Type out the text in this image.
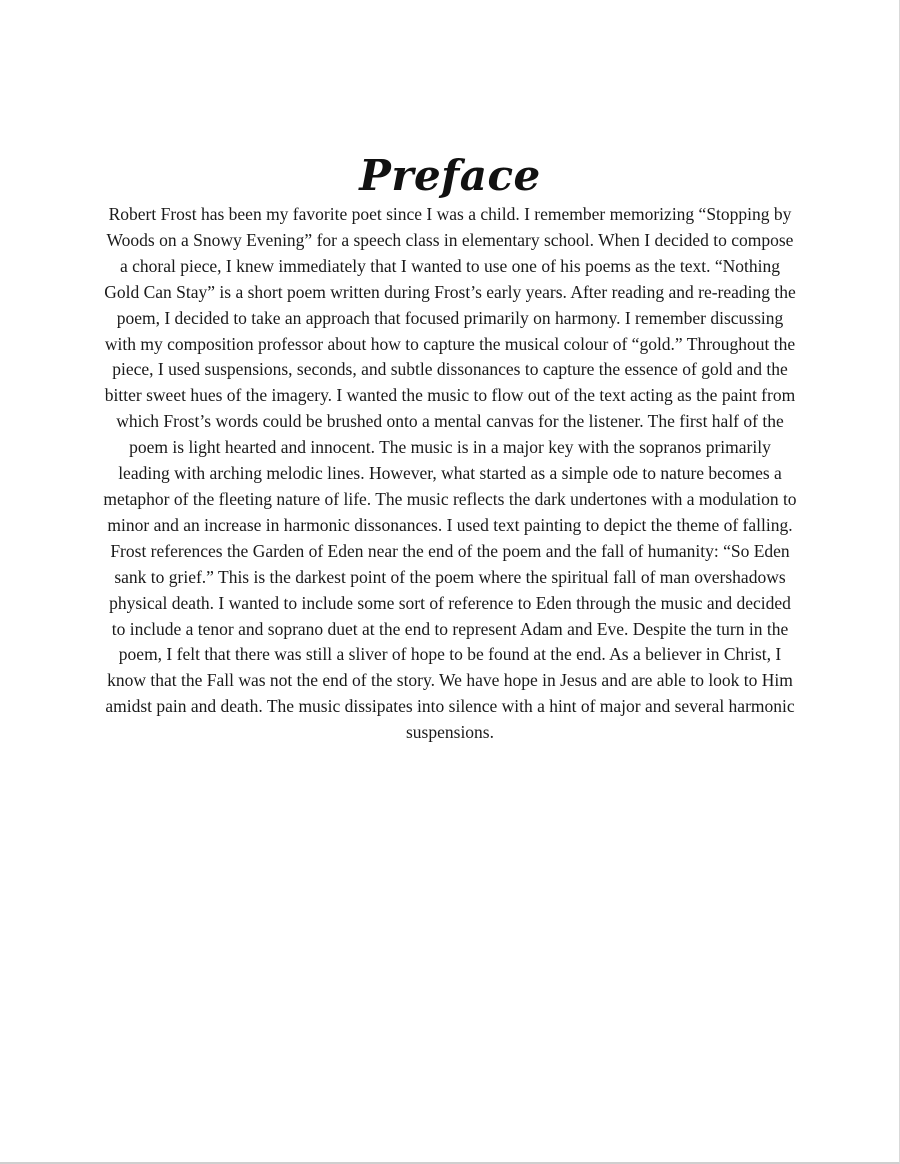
Preface

Robert Frost has been my favorite poet since I was a child. I remember memorizing “Stopping by Woods on a Snowy Evening” for a speech class in elementary school. When I decided to compose a choral piece, I knew immediately that I wanted to use one of his poems as the text. “Nothing Gold Can Stay” is a short poem written during Frost’s early years. After reading and re-reading the poem, I decided to take an approach that focused primarily on harmony. I remember discussing with my composition professor about how to capture the musical colour of “gold.” Throughout the piece, I used suspensions, seconds, and subtle dissonances to capture the essence of gold and the bitter sweet hues of the imagery. I wanted the music to flow out of the text acting as the paint from which Frost’s words could be brushed onto a mental canvas for the listener. The first half of the poem is light hearted and innocent. The music is in a major key with the sopranos primarily leading with arching melodic lines. However, what started as a simple ode to nature becomes a metaphor of the fleeting nature of life. The music reflects the dark undertones with a modulation to minor and an increase in harmonic dissonances. I used text painting to depict the theme of falling. Frost references the Garden of Eden near the end of the poem and the fall of humanity: “So Eden sank to grief.” This is the darkest point of the poem where the spiritual fall of man overshadows physical death. I wanted to include some sort of reference to Eden through the music and decided to include a tenor and soprano duet at the end to represent Adam and Eve. Despite the turn in the poem, I felt that there was still a sliver of hope to be found at the end. As a believer in Christ, I know that the Fall was not the end of the story. We have hope in Jesus and are able to look to Him amidst pain and death. The music dissipates into silence with a hint of major and several harmonic suspensions.
